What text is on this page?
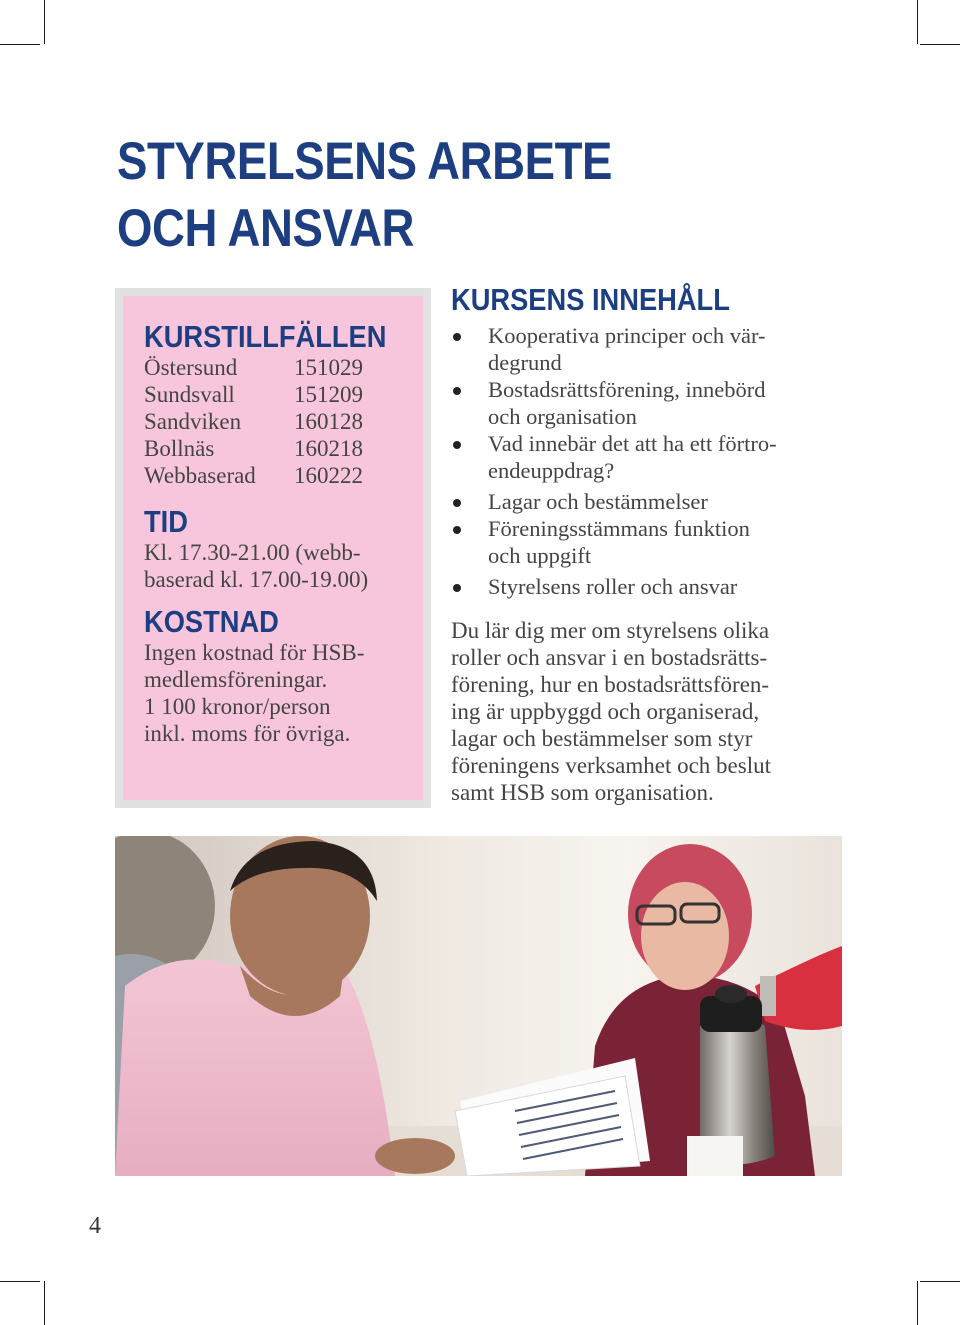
STYRELSENS ARBETE
OCH ANSVAR
KURSTILLFÄLLEN
Östersund	151029
Sundsvall	151209
Sandviken	160128
Bollnäs	160218
Webbaserad	160222
TID
Kl. 17.30-21.00 (webb-
baserad kl. 17.00-19.00)
KOSTNAD
Ingen kostnad för HSB-
medlemsföreningar.
1 100 kronor/person
inkl. moms för övriga.
KURSENS INNEHÅLL
Kooperativa principer och vär-
degrund
Bostadsrättsförening, innebörd
och organisation
Vad innebär det att ha ett förtro-
endeuppdrag?
Lagar och bestämmelser
Föreningsstämmans funktion
och uppgift
Styrelsens roller och ansvar
Du lär dig mer om styrelsens olika
roller och ansvar i en bostadsrätts-
förening, hur en bostadsrättsfören-
ing är uppbyggd och organiserad,
lagar och bestämmelser som styr
föreningens verksamhet och beslut
samt HSB som organisation.
4
